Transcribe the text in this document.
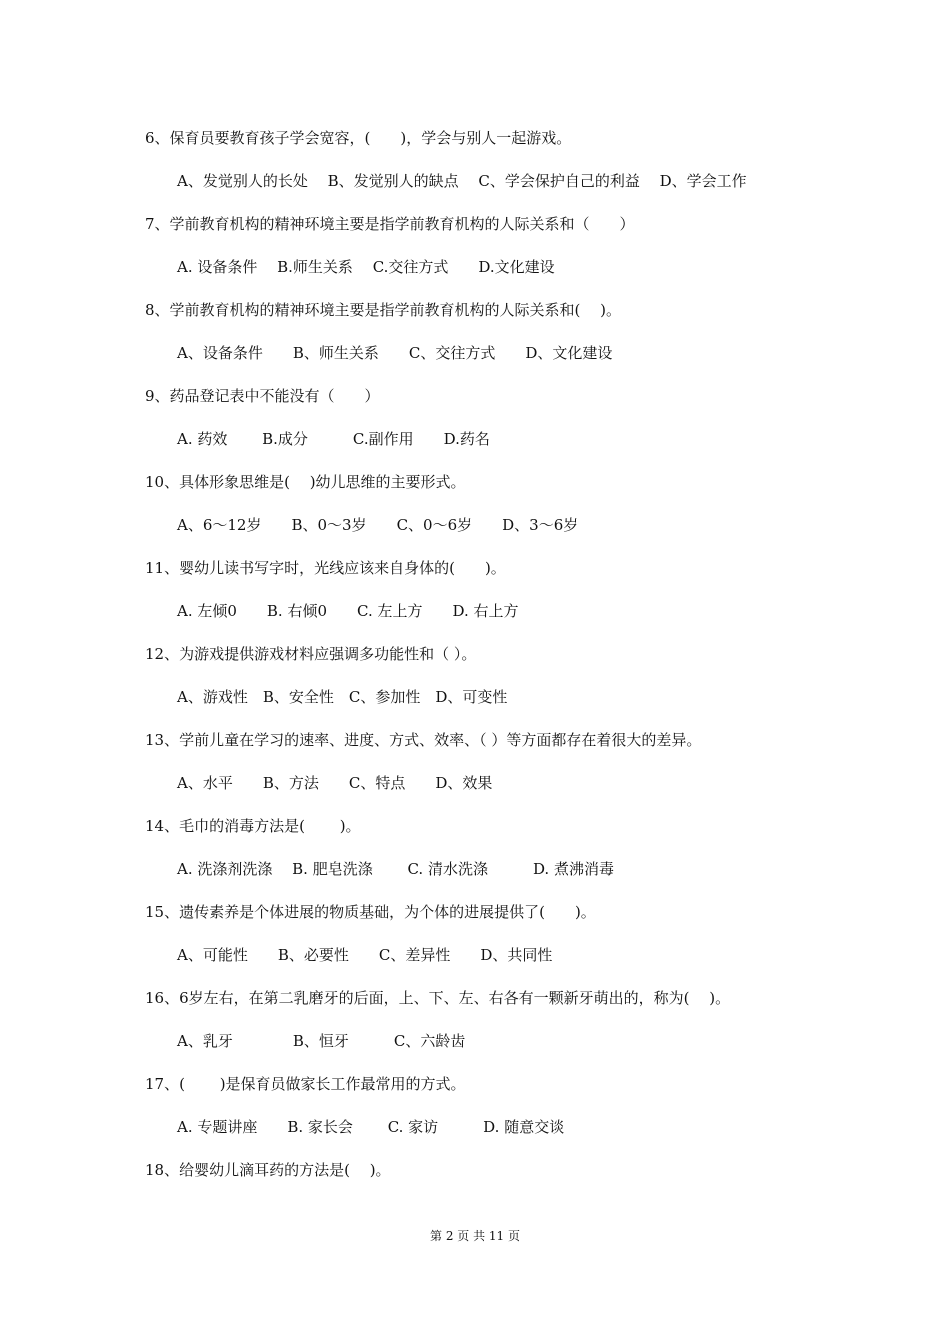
6、保育员要教育孩子学会宽容，(　　)，学会与别人一起游戏。
A、发觉别人的长处　 B、发觉别人的缺点　 C、学会保护自己的利益　 D、学会工作
7、学前教育机构的精神环境主要是指学前教育机构的人际关系和（　　）
A. 设备条件　 B.师生关系　 C.交往方式　　D.文化建设
8、学前教育机构的精神环境主要是指学前教育机构的人际关系和(　 )。
A、设备条件　　B、师生关系　　C、交往方式　　D、文化建设
9、药品登记表中不能没有（　　）
A. 药效　　 B.成分　　　C.副作用　　D.药名
10、具体形象思维是(　 )幼儿思维的主要形式。
A、6～12岁　　B、0～3岁　　C、0～6岁　　D、3～6岁
11、婴幼儿读书写字时，光线应该来自身体的(　　)。
A. 左倾0　　B. 右倾0　　C. 左上方　　D. 右上方
12、为游戏提供游戏材料应强调多功能性和（ ）。
A、游戏性　B、安全性　C、参加性　D、可变性
13、学前儿童在学习的速率、进度、方式、效率、（ ）等方面都存在着很大的差异。
A、水平　　B、方法　　C、特点　　D、效果
14、毛巾的消毒方法是(　　 )。
A. 洗涤剂洗涤　 B. 肥皂洗涤　　 C. 清水洗涤　　　D. 煮沸消毒
15、遗传素养是个体进展的物质基础，为个体的进展提供了(　　)。
A、可能性　　B、必要性　　C、差异性　　D、共同性
16、6岁左右，在第二乳磨牙的后面，上、下、左、右各有一颗新牙萌出的，称为(　 )。
A、乳牙　　　　B、恒牙　　　C、六龄齿
17、(　　 )是保育员做家长工作最常用的方式。
A. 专题讲座　　B. 家长会　　 C. 家访　　　D. 随意交谈
18、给婴幼儿滴耳药的方法是(　 )。
第 2 页 共 11 页
